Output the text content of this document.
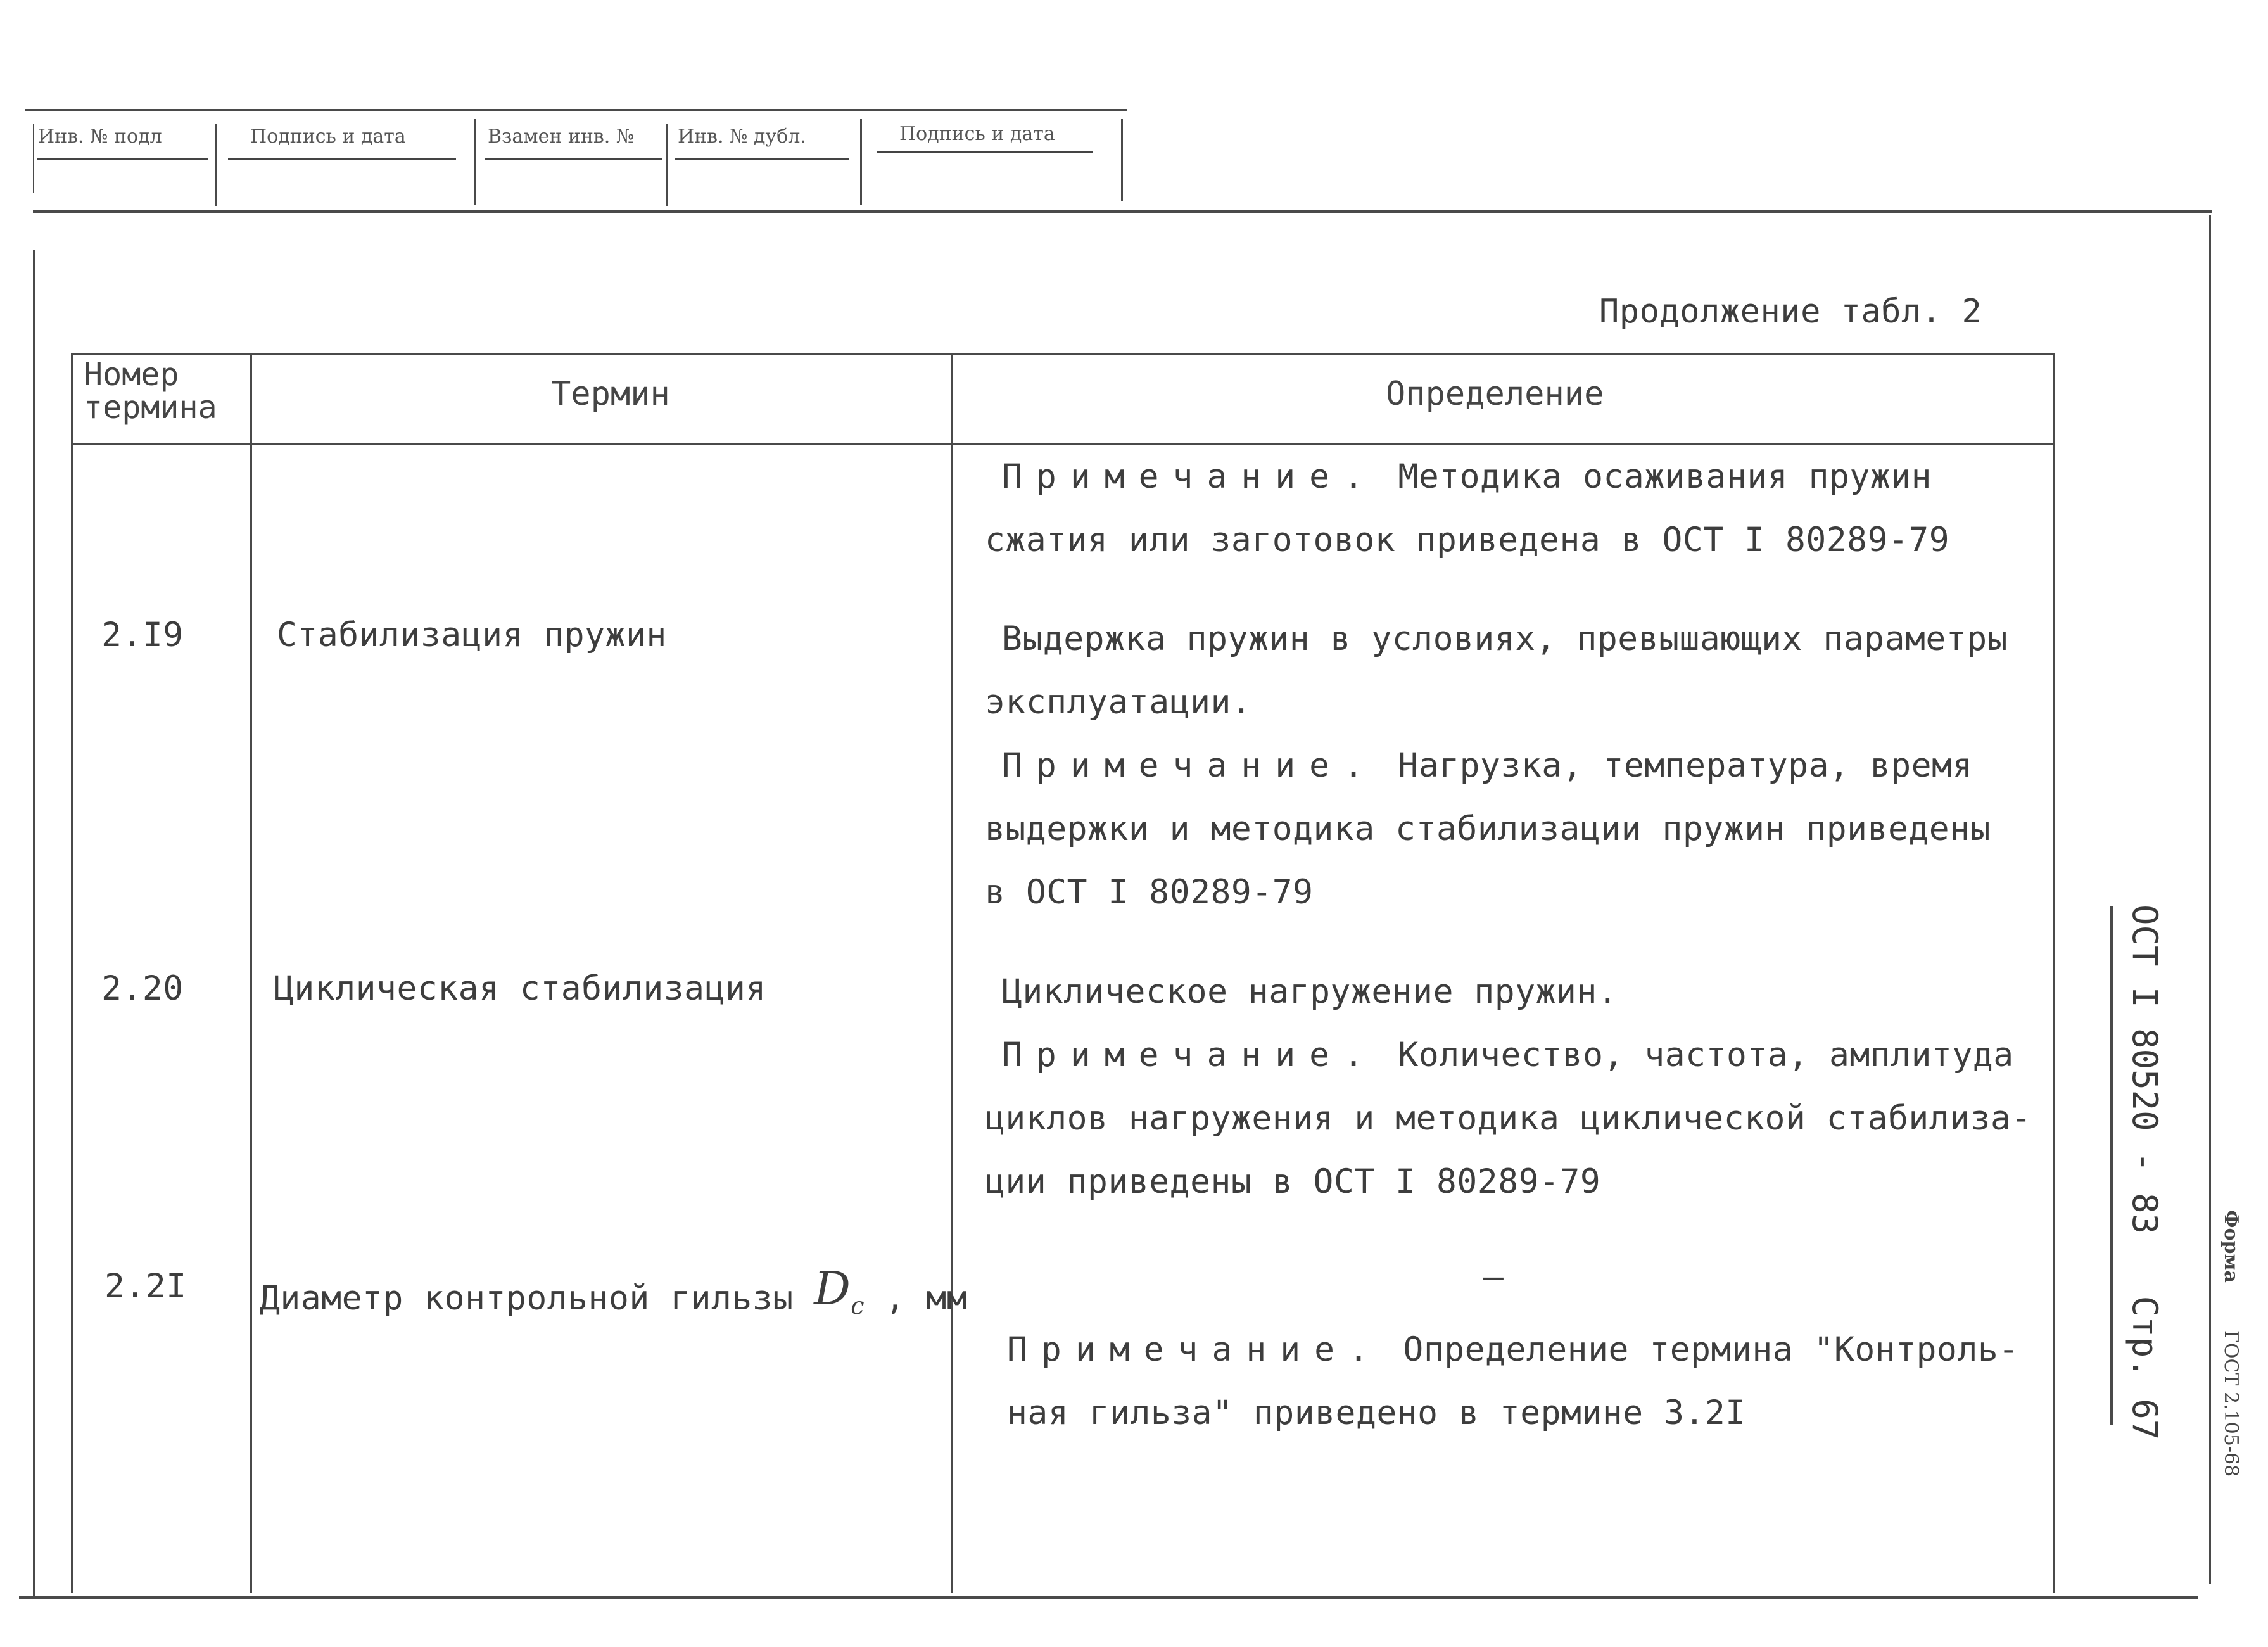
Инв. № подл	Подпись и дата	Взамен инв. № Инв. № дубл.	Подпись и дата
Продолжение табл. 2
Номер
термина	Термин	Определение
Примечание. Методика осаживания пружин
сжатия или заготовок приведена в ОСТ I 80289-79
2.I9	Стабилизация пружин	Выдержка пружин в условиях, превышающих параметры
эксплуатации.
Примечание. Нагрузка, температура, время
выдержки и методика стабилизации пружин приведены
в ОСТ I 80289-79
2.20	Циклическая стабилизация	Циклическое нагружение пружин.
Примечание. Количество, частота, амплитуда
циклов нагружения и методика циклической стабилиза-
ции приведены в ОСТ I 80289-79
2.2I Диаметр контрольной гильзы $D_c$ , мм
–
Примечание. Определение термина "Контроль-
ная гильза" приведено в термине 3.2I
ОСТ I 80520 - 83   Стр. 67
Форма
ГОСТ 2.105-68
